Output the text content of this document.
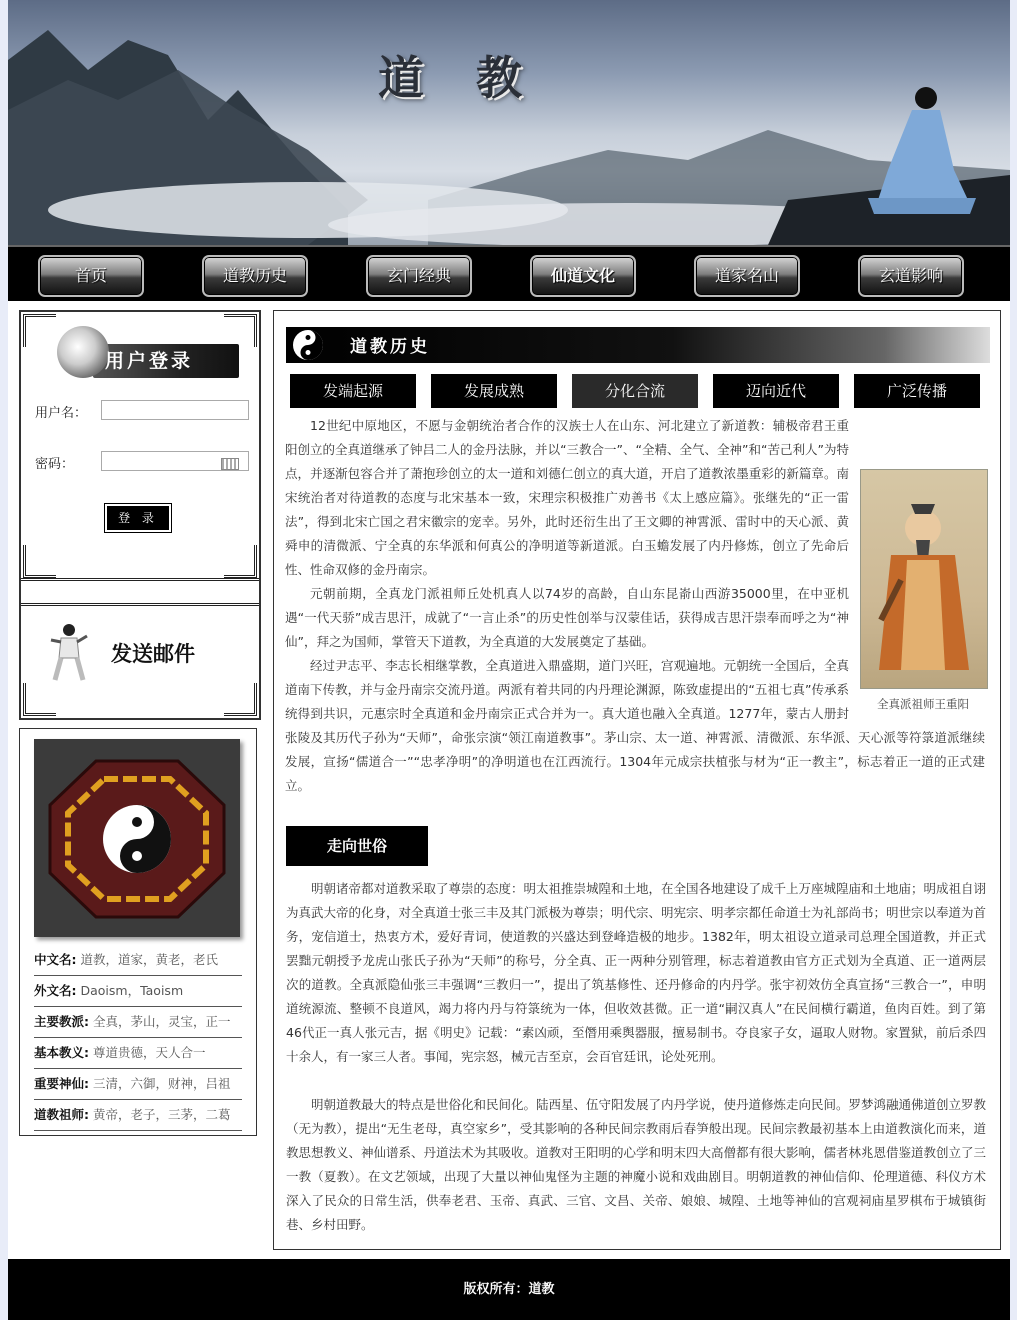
道 教
首页	道教历史	玄门经典	仙道文化	道家名山	玄道影响
用户登录
用户名：
密码：
登 录
发送邮件
中文名: 道教，道家，黄老，老氏
外文名: Daoism，Taoism
主要教派: 全真，茅山，灵宝，正一
基本教义: 尊道贵德，天人合一
重要神仙: 三清，六御，财神，吕祖
道教祖师: 黄帝，老子，三茅，二葛
道教历史
发端起源	发展成熟	分化合流	迈向近代	广泛传播
全真派祖师王重阳
走向世俗
明朝诸帝都对道教采取了尊崇的态度：明太祖推崇城隍和土地，在全国各地建设了成千上万座城隍庙和土地庙；明成祖自诩为真武大帝的化身，对全真道士张三丰及其门派极为尊崇；明代宗、明宪宗、明孝宗都任命道士为礼部尚书；明世宗以奉道为首务，宠信道士，热衷方术，爱好青词，使道教的兴盛达到登峰造极的地步。1382年，明太祖设立道录司总理全国道教，并正式罢黜元朝授予龙虎山张氏子孙为“天师”的称号，分全真、正一两种分别管理，标志着道教由官方正式划为全真道、正一道两层次的道教。全真派隐仙张三丰强调“三教归一”，提出了筑基修性、还丹修命的内丹学。张宇初效仿全真宣扬“三教合一”，申明道统源流、整顿不良道风，竭力将内丹与符箓统为一体，但收效甚微。正一道“嗣汉真人”在民间横行霸道，鱼肉百姓。到了第46代正一真人张元吉，据《明史》记载：“素凶顽，至僭用乘舆器服，擅易制书。夺良家子女，逼取人财物。家置狱，前后杀四十余人，有一家三人者。事闻，宪宗怒，械元吉至京，会百官廷讯，论处死刑。
明朝道教最大的特点是世俗化和民间化。陆西星、伍守阳发展了内丹学说，使丹道修炼走向民间。罗梦鸿融通佛道创立罗教（无为教），提出“无生老母，真空家乡”，受其影响的各种民间宗教雨后春笋般出现。民间宗教最初基本上由道教演化而来，道教思想教义、神仙谱系、丹道法术为其吸收。道教对王阳明的心学和明末四大高僧都有很大影响，儒者林兆恩借鉴道教创立了三一教（夏教）。在文艺领域，出现了大量以神仙鬼怪为主题的神魔小说和戏曲剧目。明朝道教的神仙信仰、伦理道德、科仪方术深入了民众的日常生活，供奉老君、玉帝、真武、三官、文昌、关帝、娘娘、城隍、土地等神仙的宫观祠庙星罗棋布于城镇街巷、乡村田野。
版权所有：道教

12世纪中原地区，不愿与金朝统治者合作的汉族士人在山东、河北建立了新道教：辅极帝君王重阳创立的全真道继承了钟吕二人的金丹法脉，并以“三教合一”、“全精、全气、全神”和“苦己利人”为特点，并逐渐包容合并了萧抱珍创立的太一道和刘德仁创立的真大道，开启了道教浓墨重彩的新篇章。南宋统治者对待道教的态度与北宋基本一致，宋理宗积极推广劝善书《太上感应篇》。张继先的“正一雷法”，得到北宋亡国之君宋徽宗的宠幸。另外，此时还衍生出了王文卿的神霄派、雷时中的天心派、黄舜申的清微派、宁全真的东华派和何真公的净明道等新道派。白玉蟾发展了内丹修炼，创立了先命后性、性命双修的金丹南宗。

元朝前期，全真龙门派祖师丘处机真人以74岁的高龄，自山东昆嵛山西游35000里，在中亚机遇“一代天骄”成吉思汗，成就了“一言止杀”的历史性创举与汉蒙佳话，获得成吉思汗崇奉而呼之为“神仙”，拜之为国师，掌管天下道教，为全真道的大发展奠定了基础。

经过尹志平、李志长相继掌教，全真道进入鼎盛期，道门兴旺，宫观遍地。元朝统一全国后，全真道南下传教，并与金丹南宗交流丹道。两派有着共同的内丹理论渊源，陈致虚提出的“五祖七真”传承系统得到共识，元惠宗时全真道和金丹南宗正式合并为一。真大道也融入全真道。1277年，蒙古人册封张陵及其历代子孙为“天师”，命张宗演“领江南道教事”。茅山宗、太一道、神霄派、清微派、东华派、天心派等符箓道派继续发展，宣扬“儒道合一”“忠孝净明”的净明道也在江西流行。1304年元成宗扶植张与材为“正一教主”，标志着正一道的正式建立。
